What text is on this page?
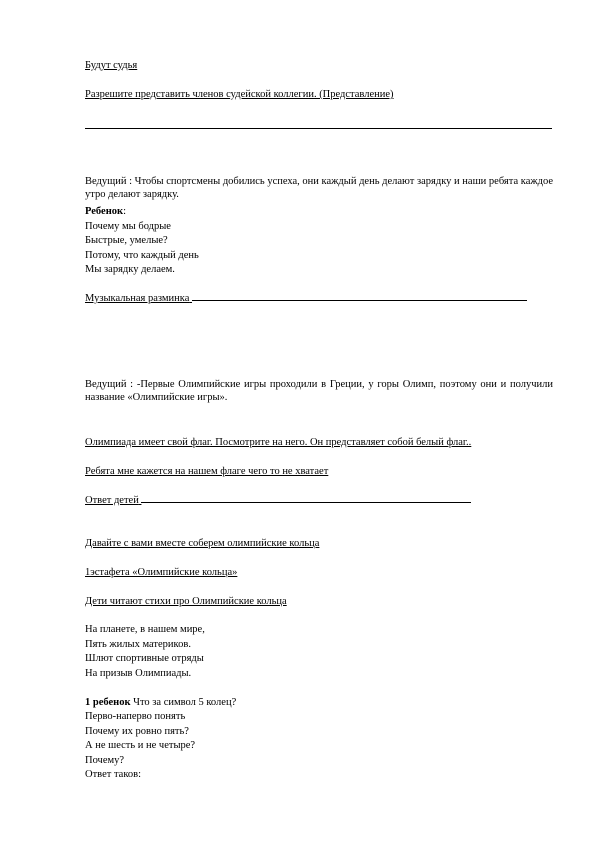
Будут судья
Разрешите представить членов судейской коллегии. (Представление)
Ведущий : Чтобы спортсмены добились успеха, они каждый день делают зарядку и наши ребята каждое утро делают зарядку.
Ребенок:
Почему мы бодрые
Быстрые, умелые?
Потому, что каждый день
Мы зарядку делаем.
Музыкальная разминка
Ведущий : -Первые Олимпийские игры проходили в Греции, у горы Олимп, поэтому они и получили название «Олимпийские игры».
Олимпиада имеет свой флаг. Посмотрите на него. Он представляет собой белый флаг..
Ребята мне кажется на нашем флаге чего то не хватает
Ответ детей
Давайте с вами вместе соберем олимпийские кольца
1эстафета «Олимпийские кольца»
Дети читают стихи про Олимпийские кольца
На планете, в нашем мире,
Пять жилых материков.
Шлют спортивные отряды
На призыв Олимпиады.
1 ребенок Что за символ 5 колец?
Перво-наперво понять
Почему их ровно пять?
А не шесть и не четыре?
Почему?
Ответ таков:
